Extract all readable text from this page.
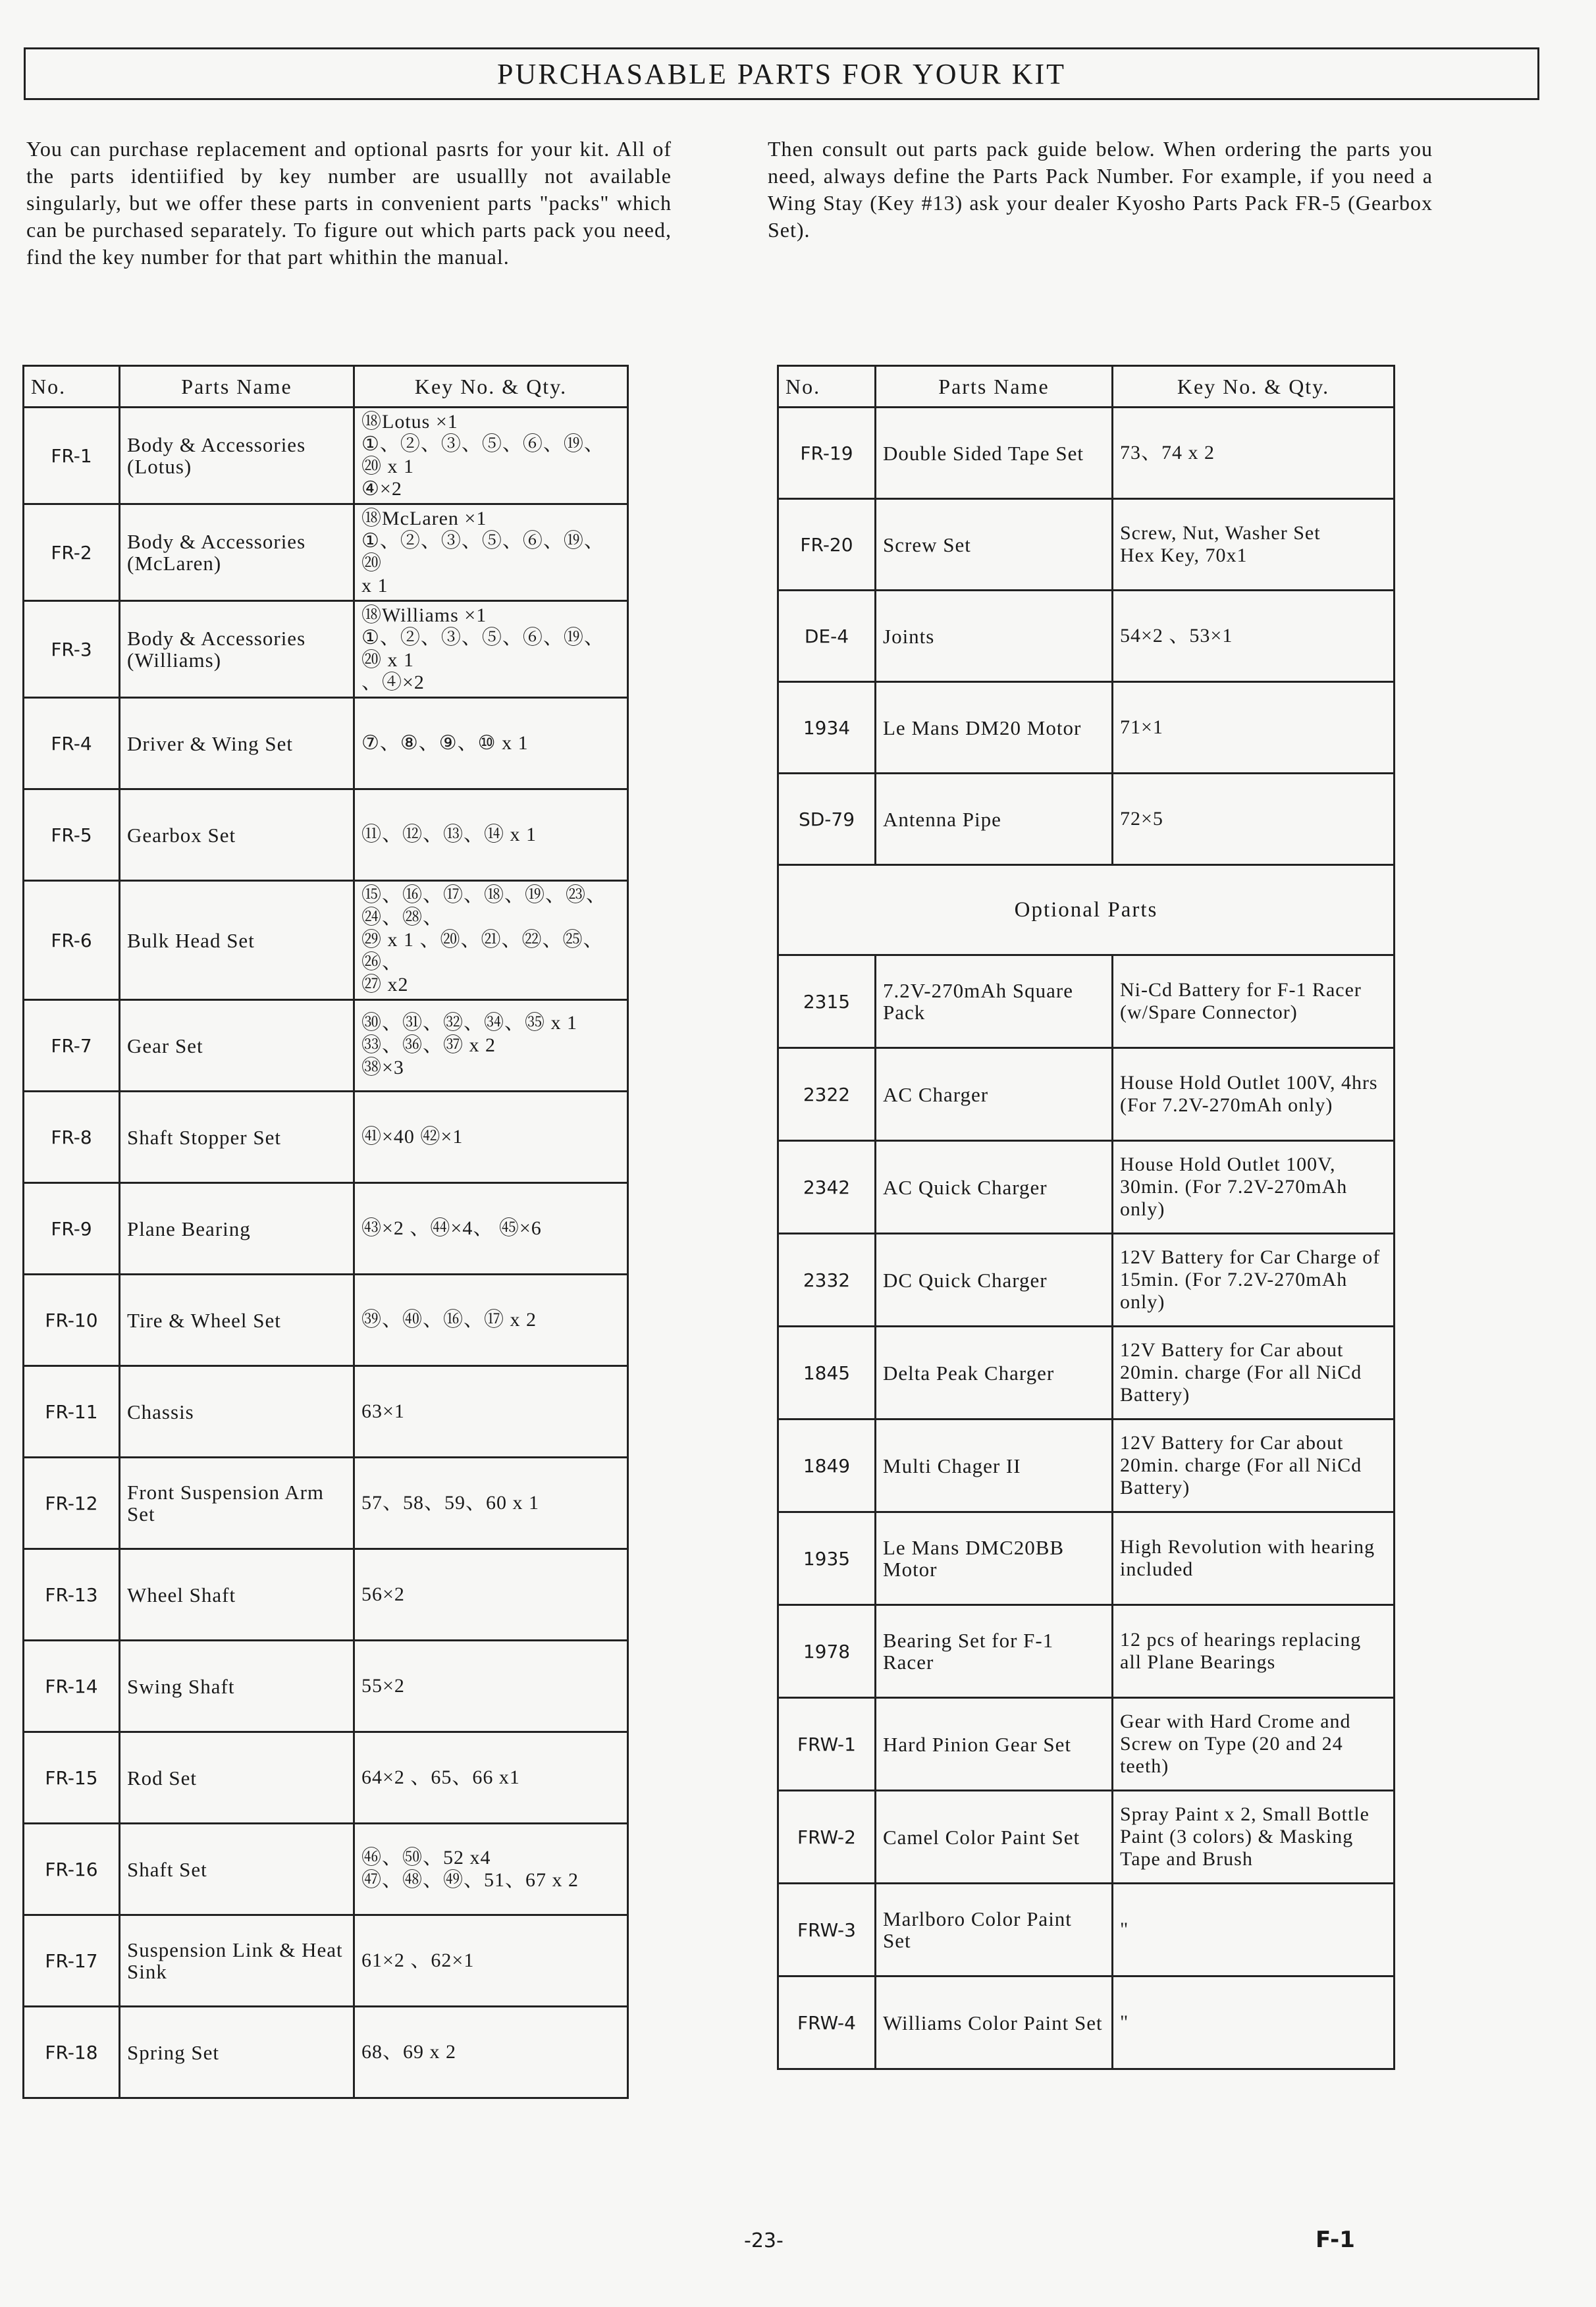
PURCHASABLE PARTS FOR YOUR KIT
You can purchase replacement and optional pasrts for your kit. All of the parts identiified by key number are usuallly not available singularly, but we offer these parts in convenient parts "packs" which can be purchased separately. To figure out which parts pack you need, find the key number for that part whithin the manual.
Then consult out parts pack guide below. When ordering the parts you need, always define the Parts Pack Number. For example, if you need a Wing Stay (Key #13) ask your dealer Kyosho Parts Pack FR-5 (Gearbox Set).
No.	Parts Name	Key No. & Qty.
FR-1	Body & Accessories (Lotus)	⑱Lotus ×1
①、②、③、⑤、⑥、⑲、⑳ x 1
④×2
FR-2	Body & Accessories (McLaren)	⑱McLaren ×1
①、②、③、⑤、⑥、⑲、⑳
x 1
FR-3	Body & Accessories (Williams)	⑱Williams ×1
①、②、③、⑤、⑥、⑲、⑳ x 1
、④×2
FR-4	Driver & Wing Set	⑦、⑧、⑨、⑩ x 1
FR-5	Gearbox Set	⑪、⑫、⑬、⑭ x 1
FR-6	Bulk Head Set	⑮、⑯、⑰、⑱、⑲、㉓、㉔、㉘、
㉙ x 1 、⑳、㉑、㉒、㉕、㉖、
㉗ x2
FR-7	Gear Set	㉚、㉛、㉜、㉞、㉟ x 1
㉝、㊱、㊲ x 2
㊳×3
FR-8	Shaft Stopper Set	㊶×40 ㊷×1
FR-9	Plane Bearing	㊸×2 、㊹×4、 ㊺×6
FR-10	Tire & Wheel Set	㊴、㊵、⑯、⑰ x 2
FR-11	Chassis	63×1
FR-12	Front Suspension Arm Set	57、58、59、60 x 1
FR-13	Wheel Shaft	56×2
FR-14	Swing Shaft	55×2
FR-15	Rod Set	64×2 、65、66 x1
FR-16	Shaft Set	㊻、㊿、52 x4
㊼、㊽、㊾、51、67 x 2
FR-17	Suspension Link & Heat Sink	61×2 、62×1
FR-18	Spring Set	68、69 x 2
No.	Parts Name	Key No. & Qty.
FR-19	Double Sided Tape Set	73、74 x 2
FR-20	Screw Set	Screw, Nut, Washer Set
Hex Key, 70x1
DE-4	Joints	54×2 、53×1
1934	Le Mans DM20 Motor	71×1
SD-79	Antenna Pipe	72×5
Optional Parts		
2315	7.2V-270mAh Square Pack	Ni-Cd Battery for F-1 Racer (w/Spare Connector)
2322	AC Charger	House Hold Outlet 100V, 4hrs (For 7.2V-270mAh only)
2342	AC Quick Charger	House Hold Outlet 100V, 30min. (For 7.2V-270mAh only)
2332	DC Quick Charger	12V Battery for Car Charge of 15min. (For 7.2V-270mAh only)
1845	Delta Peak Charger	12V Battery for Car about 20min. charge (For all NiCd Battery)
1849	Multi Chager II	12V Battery for Car about 20min. charge (For all NiCd Battery)
1935	Le Mans DMC20BB Motor	High Revolution with hearing included
1978	Bearing Set for F-1 Racer	12 pcs of hearings replacing all Plane Bearings
FRW-1	Hard Pinion Gear Set	Gear with Hard Crome and Screw on Type (20 and 24 teeth)
FRW-2	Camel Color Paint Set	Spray Paint x 2, Small Bottle Paint (3 colors) & Masking Tape and Brush
FRW-3	Marlboro Color Paint Set	"
FRW-4	Williams Color Paint Set	"
-23-	F-1
